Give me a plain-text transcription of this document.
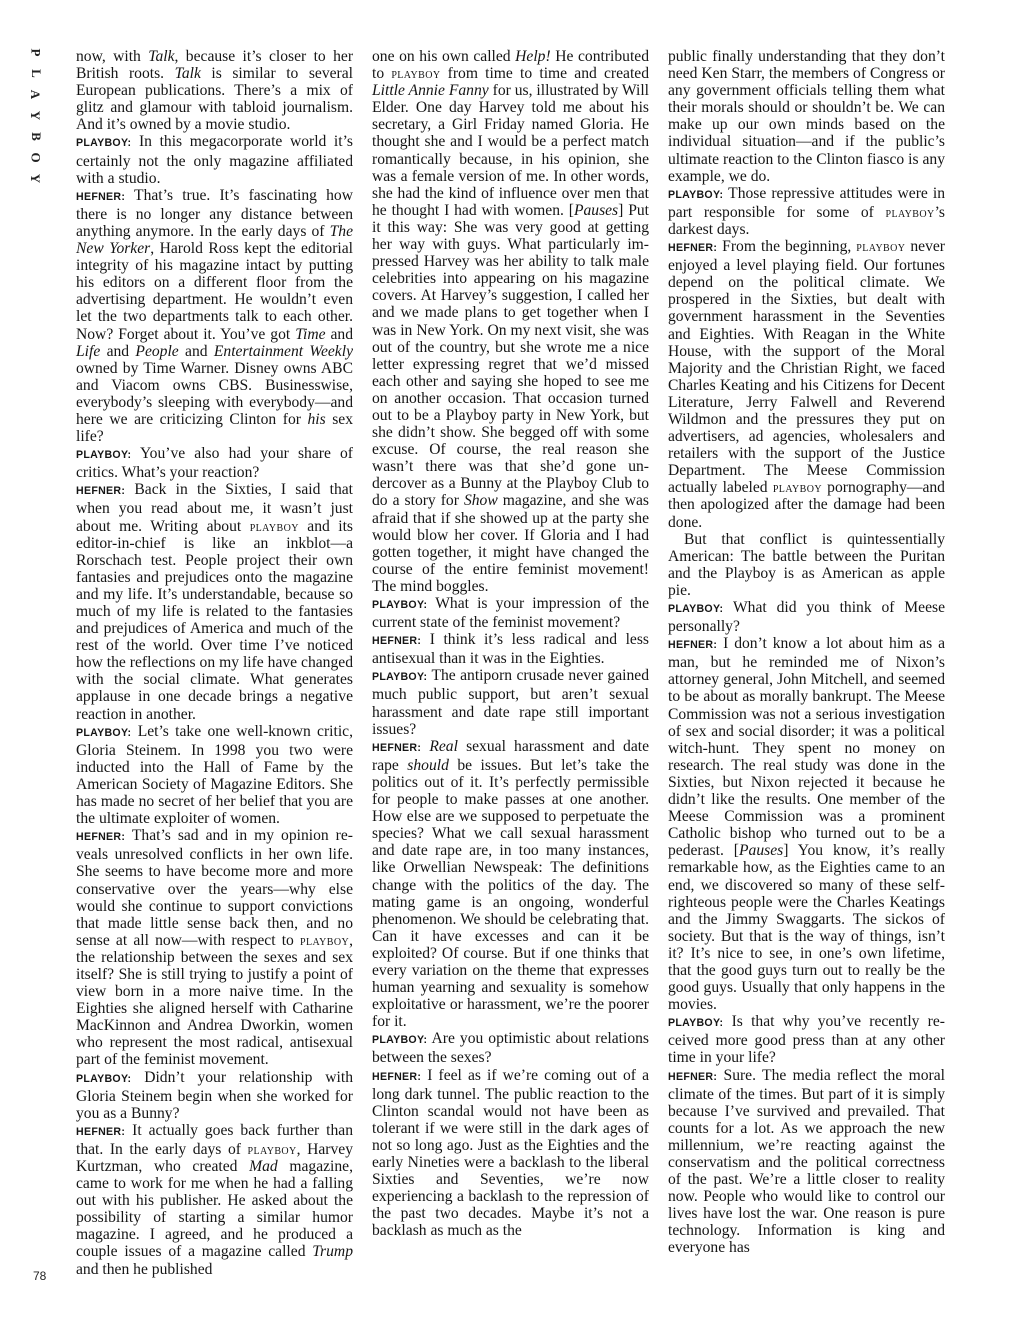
P
L
A
Y
B
O
Y
78

now, with Talk, because it’s closer to her British roots. Talk is similar to several European publications. There’s a mix of glitz and glamour with tabloid journalism. And it’s owned by a movie studio.

PLAYBOY: In this megacorporate world it’s certainly not the only magazine affiliated with a studio.

HEFNER: That’s true. It’s fascinating how there is no longer any distance between anything anymore. In the early days of The New Yorker, Harold Ross kept the editorial integrity of his magazine intact by putting his editors on a different floor from the advertising department. He wouldn’t even let the two departments talk to each other. Now? Forget about it. You’ve got Time and Life and People and Entertainment Weekly owned by Time Warner. Disney owns ABC and Viacom owns CBS. Businesswise, everybody’s sleeping with everybody—and here we are criticizing Clinton for his sex life?

PLAYBOY: You’ve also had your share of critics. What’s your reaction?

HEFNER: Back in the Sixties, I said that when you read about me, it wasn’t just about me. Writing about playboy and its editor-in-chief is like an inkblot—a Rorschach test. People project their own fantasies and prejudices onto the magazine and my life. It’s understandable, because so much of my life is related to the fantasies and prejudices of America and much of the rest of the world. Over time I’ve noticed how the reflections on my life have changed with the social climate. What generates applause in one decade brings a negative reaction in another.

PLAYBOY: Let’s take one well-known critic, Gloria Steinem. In 1998 you two were inducted into the Hall of Fame by the American Society of Magazine Editors. She has made no secret of her belief that you are the ultimate exploiter of women.

HEFNER: That’s sad and in my opinion reveals unresolved conflicts in her own life. She seems to have become more and more conservative over the years—why else would she continue to support convictions that made little sense back then, and no sense at all now—with respect to playboy, the relationship between the sexes and sex itself? She is still trying to justify a point of view born in a more naive time. In the Eighties she aligned herself with Catharine MacKinnon and Andrea Dworkin, women who represent the most radical, antisexual part of the feminist movement.

PLAYBOY: Didn’t your relationship with Gloria Steinem begin when she worked for you as a Bunny?

HEFNER: It actually goes back further than that. In the early days of playboy, Harvey Kurtzman, who created Mad magazine, came to work for me when he had a falling out with his publisher. He asked about the possibility of starting a similar humor magazine. I agreed, and he produced a couple issues of a magazine called Trump and then he published

one on his own called Help! He contributed to playboy from time to time and created Little Annie Fanny for us, illustrated by Will Elder. One day Harvey told me about his secretary, a Girl Friday named Gloria. He thought she and I would be a perfect match romantically because, in his opinion, she was a female version of me. In other words, she had the kind of influence over men that he thought I had with women. [Pauses] Put it this way: She was very good at getting her way with guys. What particularly impressed Harvey was her ability to talk male celebrities into appearing on his magazine covers. At Harvey’s suggestion, I called her and we made plans to get together when I was in New York. On my next visit, she was out of the country, but she wrote me a nice letter expressing regret that we’d missed each other and saying she hoped to see me on another occasion. That occasion turned out to be a Playboy party in New York, but she didn’t show. She begged off with some excuse. Of course, the real reason she wasn’t there was that she’d gone undercover as a Bunny at the Playboy Club to do a story for Show magazine, and she was afraid that if she showed up at the party she would blow her cover. If Gloria and I had gotten together, it might have changed the course of the entire feminist movement! The mind boggles.

PLAYBOY: What is your impression of the current state of the feminist movement?

HEFNER: I think it’s less radical and less antisexual than it was in the Eighties.

PLAYBOY: The antiporn crusade never gained much public support, but aren’t sexual harassment and date rape still important issues?

HEFNER: Real sexual harassment and date rape should be issues. But let’s take the politics out of it. It’s perfectly permissible for people to make passes at one another. How else are we supposed to perpetuate the species? What we call sexual harassment and date rape are, in too many instances, like Orwellian Newspeak: The definitions change with the politics of the day. The mating game is an ongoing, wonderful phenomenon. We should be celebrating that. Can it have excesses and can it be exploited? Of course. But if one thinks that every variation on the theme that expresses human yearning and sexuality is somehow exploitative or harassment, we’re the poorer for it.

PLAYBOY: Are you optimistic about relations between the sexes?

HEFNER: I feel as if we’re coming out of a long dark tunnel. The public reaction to the Clinton scandal would not have been as tolerant if we were still in the dark ages of not so long ago. Just as the Eighties and the early Nineties were a backlash to the liberal Sixties and Seventies, we’re now experiencing a backlash to the repression of the past two decades. Maybe it’s not a backlash as much as the

public finally understanding that they don’t need Ken Starr, the members of Congress or any government officials telling them what their morals should or shouldn’t be. We can make up our own minds based on the individual situation—and if the public’s ultimate reaction to the Clinton fiasco is any example, we do.

PLAYBOY: Those repressive attitudes were in part responsible for some of playboy’s darkest days.

HEFNER: From the beginning, playboy never enjoyed a level playing field. Our fortunes depend on the political climate. We prospered in the Sixties, but dealt with government harassment in the Seventies and Eighties. With Reagan in the White House, with the support of the Moral Majority and the Christian Right, we faced Charles Keating and his Citizens for Decent Literature, Jerry Falwell and Reverend Wildmon and the pressures they put on advertisers, ad agencies, wholesalers and retailers with the support of the Justice Department. The Meese Commission actually labeled playboy pornography—and then apologized after the damage had been done.

But that conflict is quintessentially American: The battle between the Puritan and the Playboy is as American as apple pie.

PLAYBOY: What did you think of Meese personally?

HEFNER: I don’t know a lot about him as a man, but he reminded me of Nixon’s attorney general, John Mitchell, and seemed to be about as morally bankrupt. The Meese Commission was not a serious investigation of sex and social disorder; it was a political witch-hunt. They spent no money on research. The real study was done in the Sixties, but Nixon rejected it because he didn’t like the results. One member of the Meese Commission was a prominent Catholic bishop who turned out to be a pederast. [Pauses] You know, it’s really remarkable how, as the Eighties came to an end, we discovered so many of these self-righteous people were the Charles Keatings and the Jimmy Swaggarts. The sickos of society. But that is the way of things, isn’t it? It’s nice to see, in one’s own lifetime, that the good guys turn out to really be the good guys. Usually that only happens in the movies.

PLAYBOY: Is that why you’ve recently received more good press than at any other time in your life?

HEFNER: Sure. The media reflect the moral climate of the times. But part of it is simply because I’ve survived and prevailed. That counts for a lot. As we approach the new millennium, we’re reacting against the conservatism and the political correctness of the past. We’re a little closer to reality now. People who would like to control our lives have lost the war. One reason is pure technology. Information is king and everyone has
